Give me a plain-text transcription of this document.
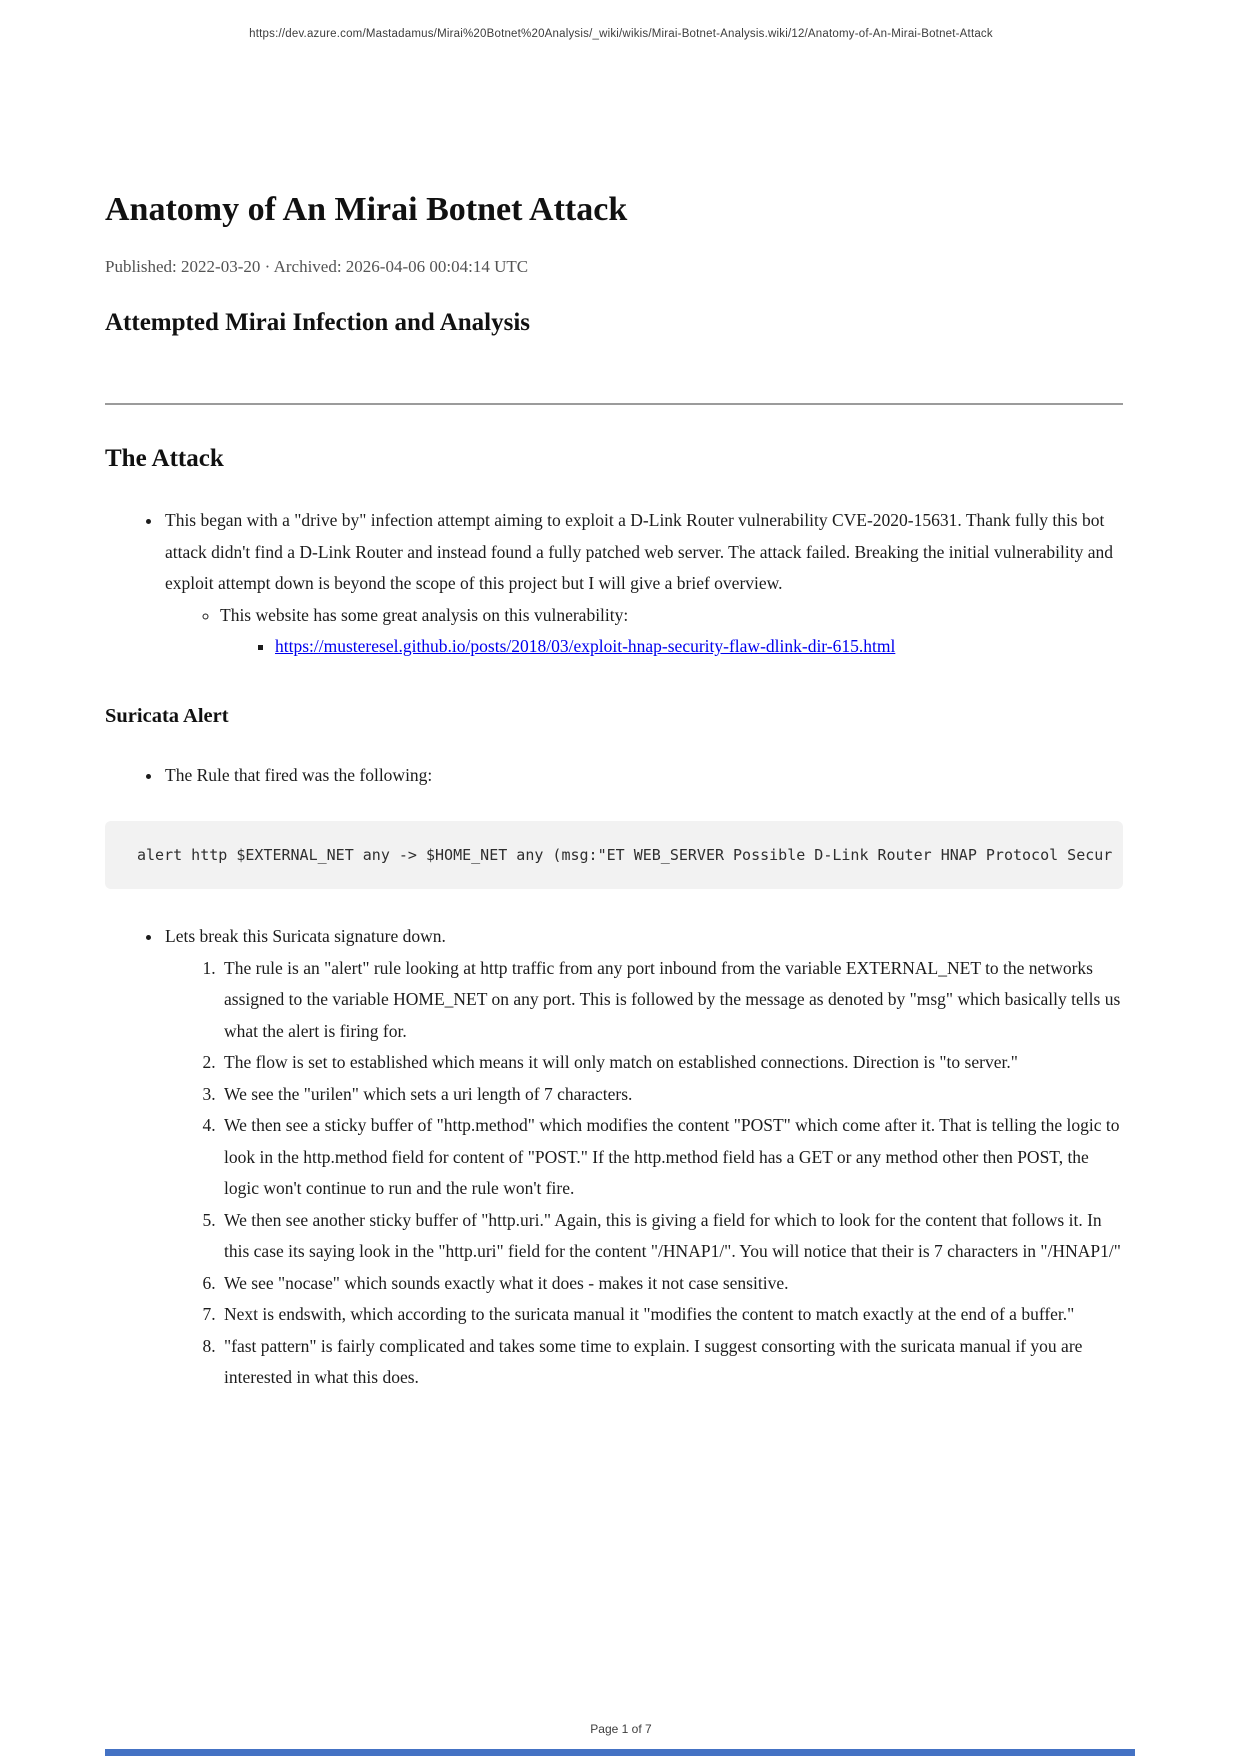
https://dev.azure.com/Mastadamus/Mirai%20Botnet%20Analysis/_wiki/wikis/Mirai-Botnet-Analysis.wiki/12/Anatomy-of-An-Mirai-Botnet-Attack
Anatomy of An Mirai Botnet Attack
Published: 2022-03-20 · Archived: 2026-04-06 00:04:14 UTC
Attempted Mirai Infection and Analysis
The Attack
• This began with a "drive by" infection attempt aiming to exploit a D-Link Router vulnerability CVE-2020-15631. Thank fully this bot attack didn't find a D-Link Router and instead found a fully patched web server. The attack failed. Breaking the initial vulnerability and exploit attempt down is beyond the scope of this project but I will give a brief overview.
◦ This website has some great analysis on this vulnerability:
▪ https://musteresel.github.io/posts/2018/03/exploit-hnap-security-flaw-dlink-dir-615.html
Suricata Alert
• The Rule that fired was the following:
alert http $EXTERNAL_NET any -> $HOME_NET any (msg:"ET WEB_SERVER Possible D-Link Router HNAP Protocol Secur
• Lets break this Suricata signature down.
1. The rule is an "alert" rule looking at http traffic from any port inbound from the variable EXTERNAL_NET to the networks assigned to the variable HOME_NET on any port. This is followed by the message as denoted by "msg" which basically tells us what the alert is firing for.
2. The flow is set to established which means it will only match on established connections. Direction is "to server."
3. We see the "urilen" which sets a uri length of 7 characters.
4. We then see a sticky buffer of "http.method" which modifies the content "POST" which come after it. That is telling the logic to look in the http.method field for content of "POST." If the http.method field has a GET or any method other then POST, the logic won't continue to run and the rule won't fire.
5. We then see another sticky buffer of "http.uri." Again, this is giving a field for which to look for the content that follows it. In this case its saying look in the "http.uri" field for the content "/HNAP1/". You will notice that their is 7 characters in "/HNAP1/"
6. We see "nocase" which sounds exactly what it does - makes it not case sensitive.
7. Next is endswith, which according to the suricata manual it "modifies the content to match exactly at the end of a buffer."
8. "fast pattern" is fairly complicated and takes some time to explain. I suggest consorting with the suricata manual if you are interested in what this does.
Page 1 of 7
